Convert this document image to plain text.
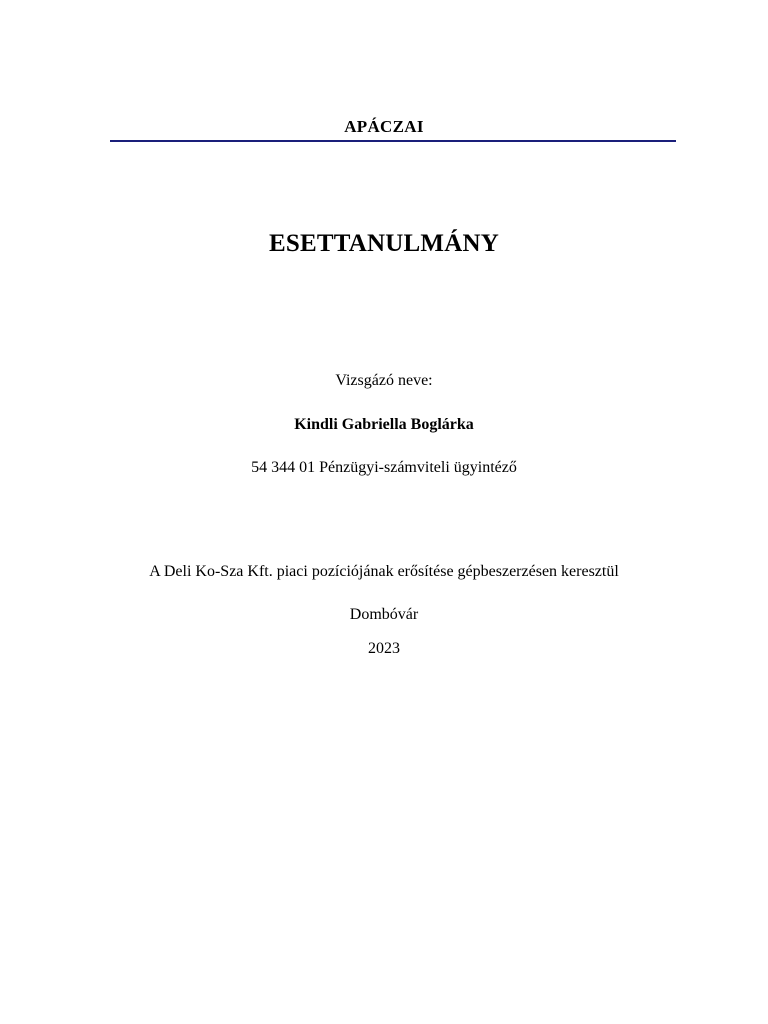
APÁCZAI
ESETTANULMÁNY
Vizsgázó neve:
Kindli Gabriella Boglárka
54 344 01 Pénzügyi-számviteli ügyintéző
A Deli Ko-Sza Kft. piaci pozíciójának erősítése gépbeszerzésen keresztül
Dombóvár
2023
